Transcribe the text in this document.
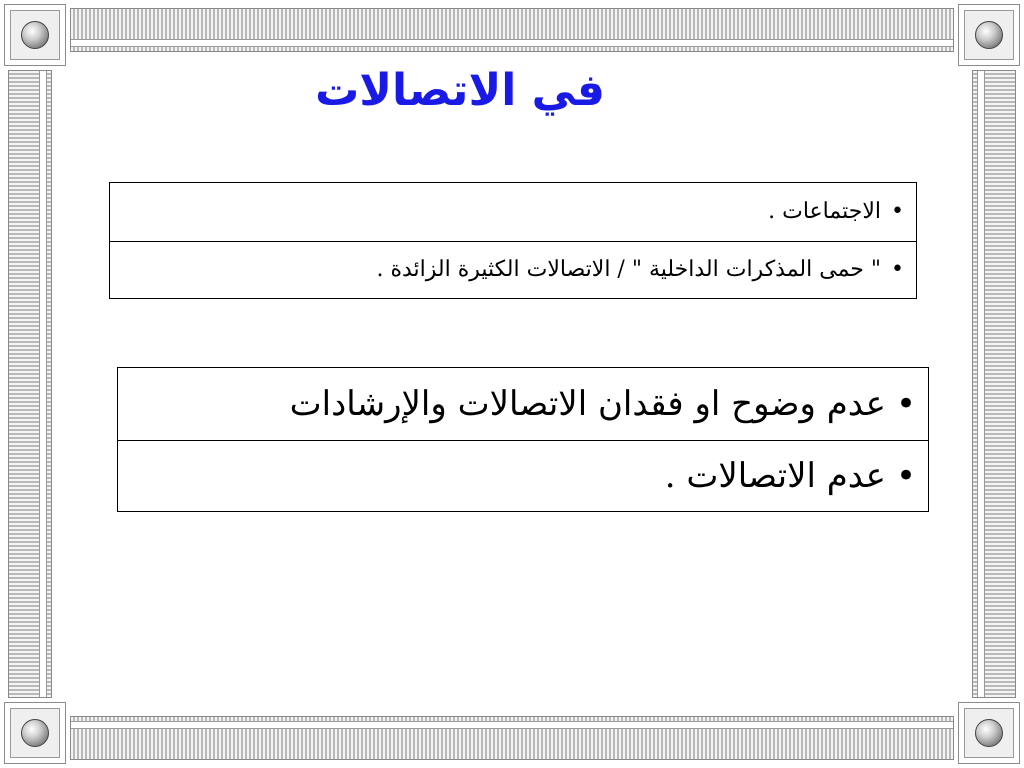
في الاتصالات
•
الاجتماعات .
•
" حمى المذكرات الداخلية " / الاتصالات الكثيرة الزائدة .
•
عدم وضوح او فقدان الاتصالات والإرشادات
•
عدم الاتصالات .
